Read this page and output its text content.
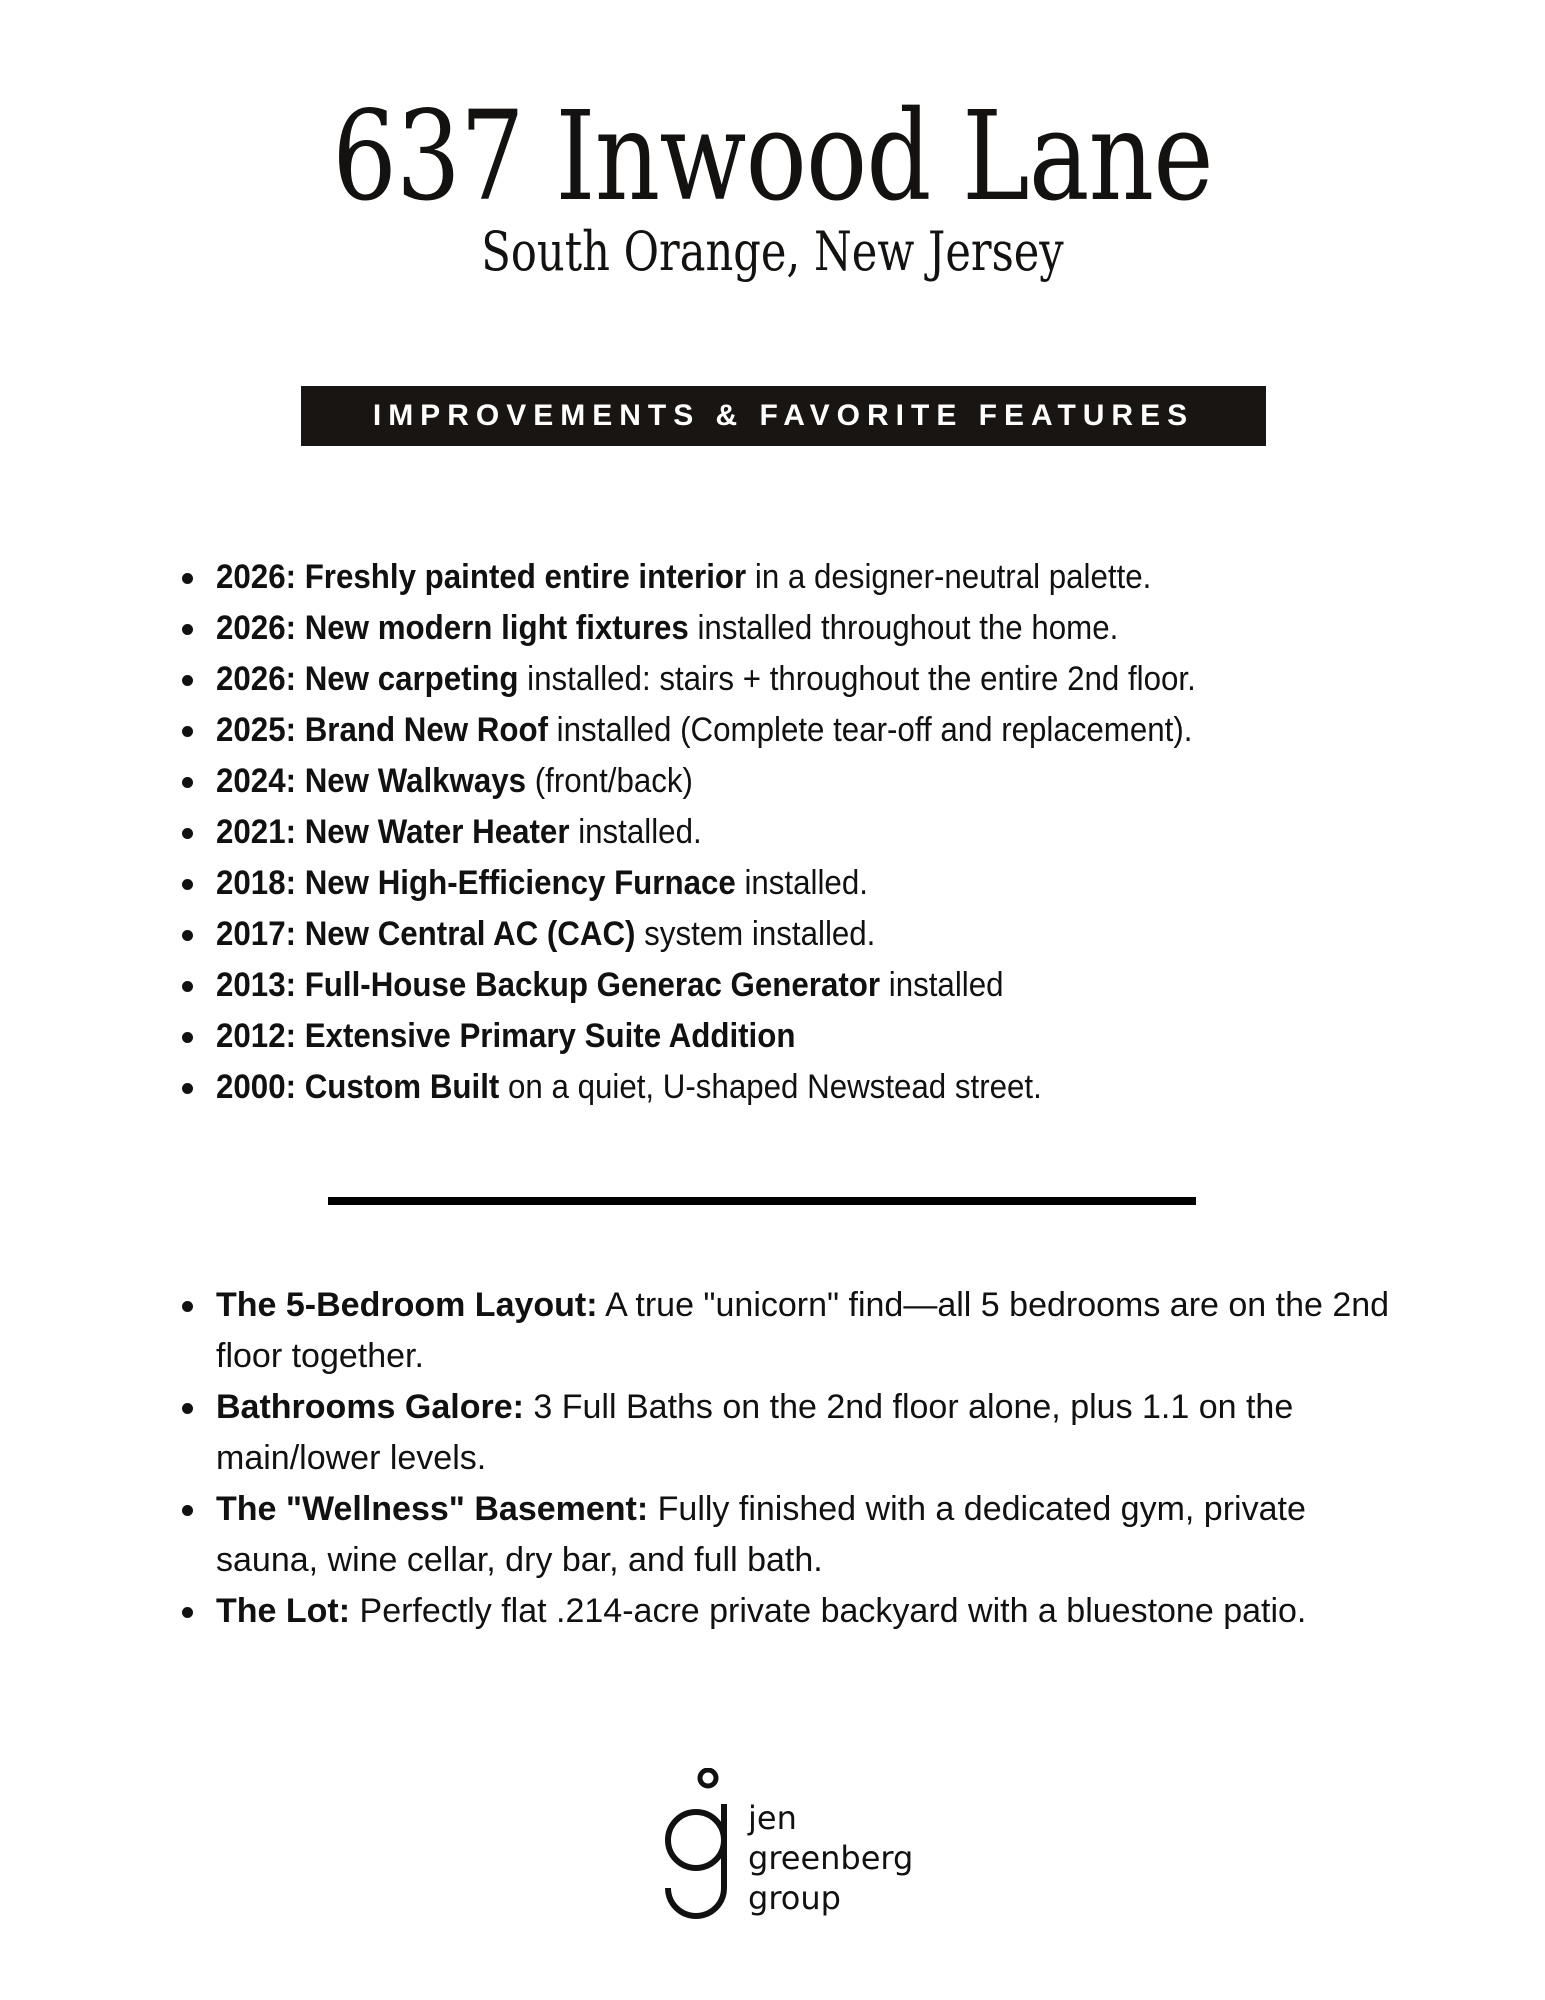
637 Inwood Lane
South Orange, New Jersey
IMPROVEMENTS & FAVORITE FEATURES
2026: Freshly painted entire interior in a designer-neutral palette.
2026: New modern light fixtures installed throughout the home.
2026: New carpeting installed: stairs + throughout the entire 2nd floor.
2025: Brand New Roof installed (Complete tear-off and replacement).
2024: New Walkways (front/back)
2021: New Water Heater installed.
2018: New High-Efficiency Furnace installed.
2017: New Central AC (CAC) system installed.
2013: Full-House Backup Generac Generator installed
2012: Extensive Primary Suite Addition
2000: Custom Built on a quiet, U-shaped Newstead street.
The 5-Bedroom Layout: A true "unicorn" find—all 5 bedrooms are on the 2nd floor together.
Bathrooms Galore: 3 Full Baths on the 2nd floor alone, plus 1.1 on the main/lower levels.
The "Wellness" Basement: Fully finished with a dedicated gym, private sauna, wine cellar, dry bar, and full bath.
The Lot: Perfectly flat .214-acre private backyard with a bluestone patio.
jen
greenberg
group
